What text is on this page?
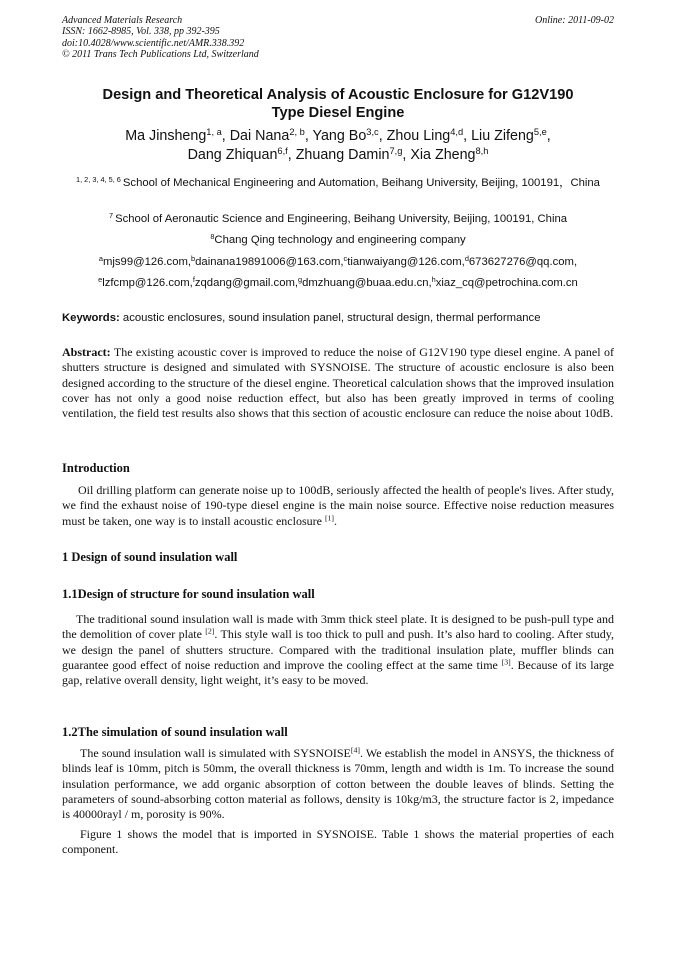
Advanced Materials Research
ISSN: 1662-8985, Vol. 338, pp 392-395
doi:10.4028/www.scientific.net/AMR.338.392
© 2011 Trans Tech Publications Ltd, Switzerland
Online: 2011-09-02
Design and Theoretical Analysis of Acoustic Enclosure for G12V190
Type Diesel Engine
Ma Jinsheng$^{1, a}$, Dai Nana$^{2, b}$, Yang Bo$^{3,c}$, Zhou Ling$^{4,d}$, Liu Zifeng$^{5,e}$,
Dang Zhiquan$^{6,f}$, Zhuang Damin$^{7,g}$, Xia Zheng$^{8,h}$
$^{1, 2, 3, 4, 5, 6}$ School of Mechanical Engineering and Automation, Beihang University, Beijing, 100191，China
$^7$ School of Aeronautic Science and Engineering, Beihang University, Beijing, 100191, China
$^8$Chang Qing technology and engineering company
$^a$mjs99@126.com,$^b$dainana19891006@163.com,$^c$tianwaiyang@126.com,$^d$673627276@qq.com,
$^e$lzfcmp@126.com,$^f$zqdang@gmail.com,$^g$dmzhuang@buaa.edu.cn,$^h$xiaz_cq@petrochina.com.cn
Keywords: acoustic enclosures, sound insulation panel, structural design, thermal performance
Abstract: The existing acoustic cover is improved to reduce the noise of G12V190 type diesel engine. A panel of shutters structure is designed and simulated with SYSNOISE. The structure of acoustic enclosure is also been designed according to the structure of the diesel engine. Theoretical calculation shows that the improved insulation cover has not only a good noise reduction effect, but also has been greatly improved in terms of cooling ventilation, the field test results also shows that this section of acoustic enclosure can reduce the noise about 10dB.
Introduction
Oil drilling platform can generate noise up to 100dB, seriously affected the health of people's lives. After study, we find the exhaust noise of 190-type diesel engine is the main noise source. Effective noise reduction measures must be taken, one way is to install acoustic enclosure [1].
1 Design of sound insulation wall
1.1Design of structure for sound insulation wall
The traditional sound insulation wall is made with 3mm thick steel plate. It is designed to be push-pull type and the demolition of cover plate [2]. This style wall is too thick to pull and push. It’s also hard to cooling. After study, we design the panel of shutters structure. Compared with the traditional insulation plate, muffler blinds can guarantee good effect of noise reduction and improve the cooling effect at the same time [3]. Because of its large gap, relative overall density, light weight, it’s easy to be moved.
1.2The simulation of sound insulation wall
The sound insulation wall is simulated with SYSNOISE[4]. We establish the model in ANSYS, the thickness of blinds leaf is 10mm, pitch is 50mm, the overall thickness is 70mm, length and width is 1m. To increase the sound insulation performance, we add organic absorption of cotton between the double leaves of blinds. Setting the parameters of sound-absorbing cotton material as follows, density is 10kg/m3, the structure factor is 2, impedance is 40000rayl / m, porosity is 90%.
Figure 1 shows the model that is imported in SYSNOISE. Table 1 shows the material properties of each component.
